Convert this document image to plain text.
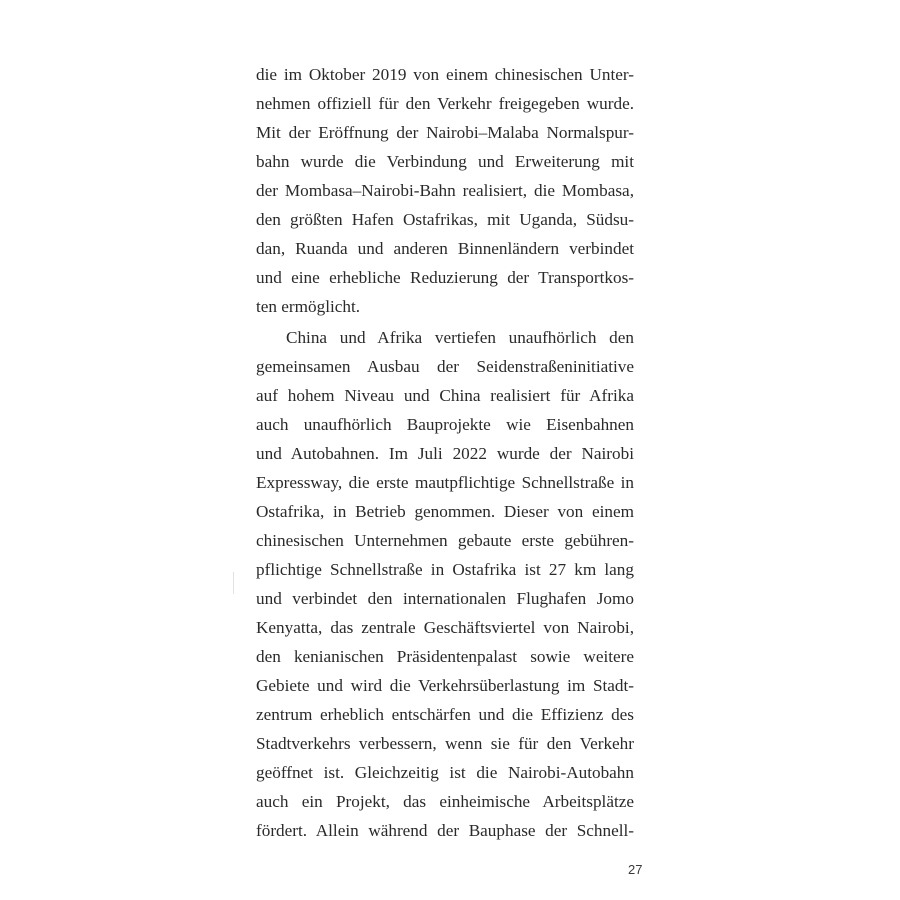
die im Oktober 2019 von einem chinesischen Unter-
nehmen offiziell für den Verkehr freigegeben wurde.
Mit der Eröffnung der Nairobi–Malaba Normalspur-
bahn wurde die Verbindung und Erweiterung mit
der Mombasa–Nairobi-Bahn realisiert, die Mombasa,
den größten Hafen Ostafrikas, mit Uganda, Südsu-
dan, Ruanda und anderen Binnenländern verbindet
und eine erhebliche Reduzierung der Transportkos-
ten ermöglicht.
China und Afrika vertiefen unaufhörlich den
gemeinsamen Ausbau der Seidenstraßeninitiative
auf hohem Niveau und China realisiert für Afrika
auch unaufhörlich Bauprojekte wie Eisenbahnen
und Autobahnen. Im Juli 2022 wurde der Nairobi
Expressway, die erste mautpflichtige Schnellstraße in
Ostafrika, in Betrieb genommen. Dieser von einem
chinesischen Unternehmen gebaute erste gebühren-
pflichtige Schnellstraße in Ostafrika ist 27 km lang
und verbindet den internationalen Flughafen Jomo
Kenyatta, das zentrale Geschäftsviertel von Nairobi,
den kenianischen Präsidentenpalast sowie weitere
Gebiete und wird die Verkehrsüberlastung im Stadt-
zentrum erheblich entschärfen und die Effizienz des
Stadtverkehrs verbessern, wenn sie für den Verkehr
geöffnet ist. Gleichzeitig ist die Nairobi-Autobahn
auch ein Projekt, das einheimische Arbeitsplätze
fördert. Allein während der Bauphase der Schnell-
27
